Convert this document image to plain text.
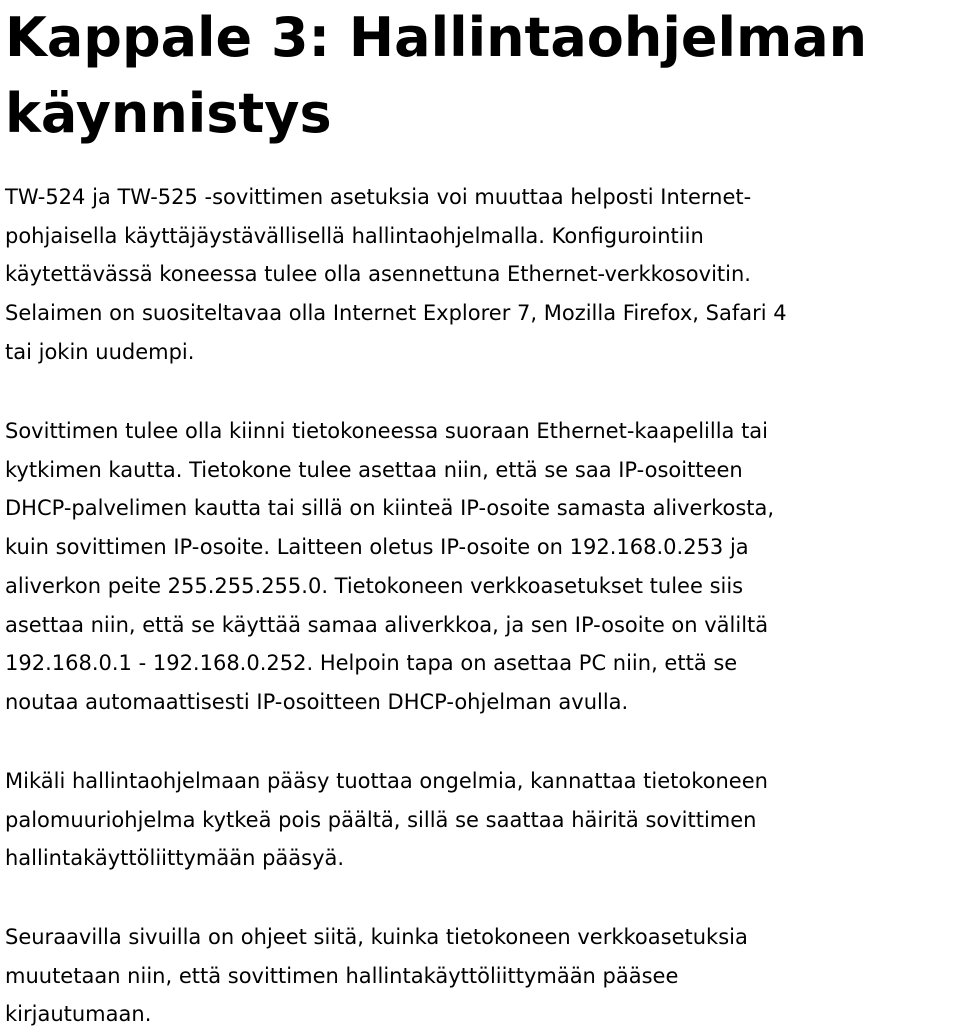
Kappale 3: Hallintaohjelman
käynnistys

TW-524 ja TW-525 -sovittimen asetuksia voi muuttaa helposti Internet-
pohjaisella käyttäjäystävällisellä hallintaohjelmalla. Konfigurointiin
käytettävässä koneessa tulee olla asennettuna Ethernet-verkkosovitin.
Selaimen on suositeltavaa olla Internet Explorer 7, Mozilla Firefox, Safari 4
tai jokin uudempi.

Sovittimen tulee olla kiinni tietokoneessa suoraan Ethernet-kaapelilla tai
kytkimen kautta. Tietokone tulee asettaa niin, että se saa IP-osoitteen
DHCP-palvelimen kautta tai sillä on kiinteä IP-osoite samasta aliverkosta,
kuin sovittimen IP-osoite. Laitteen oletus IP-osoite on 192.168.0.253 ja
aliverkon peite 255.255.255.0. Tietokoneen verkkoasetukset tulee siis
asettaa niin, että se käyttää samaa aliverkkoa, ja sen IP-osoite on väliltä
192.168.0.1 - 192.168.0.252. Helpoin tapa on asettaa PC niin, että se
noutaa automaattisesti IP-osoitteen DHCP-ohjelman avulla.

Mikäli hallintaohjelmaan pääsy tuottaa ongelmia, kannattaa tietokoneen
palomuuriohjelma kytkeä pois päältä, sillä se saattaa häiritä sovittimen
hallintakäyttöliittymään pääsyä.

Seuraavilla sivuilla on ohjeet siitä, kuinka tietokoneen verkkoasetuksia
muutetaan niin, että sovittimen hallintakäyttöliittymään pääsee
kirjautumaan.
